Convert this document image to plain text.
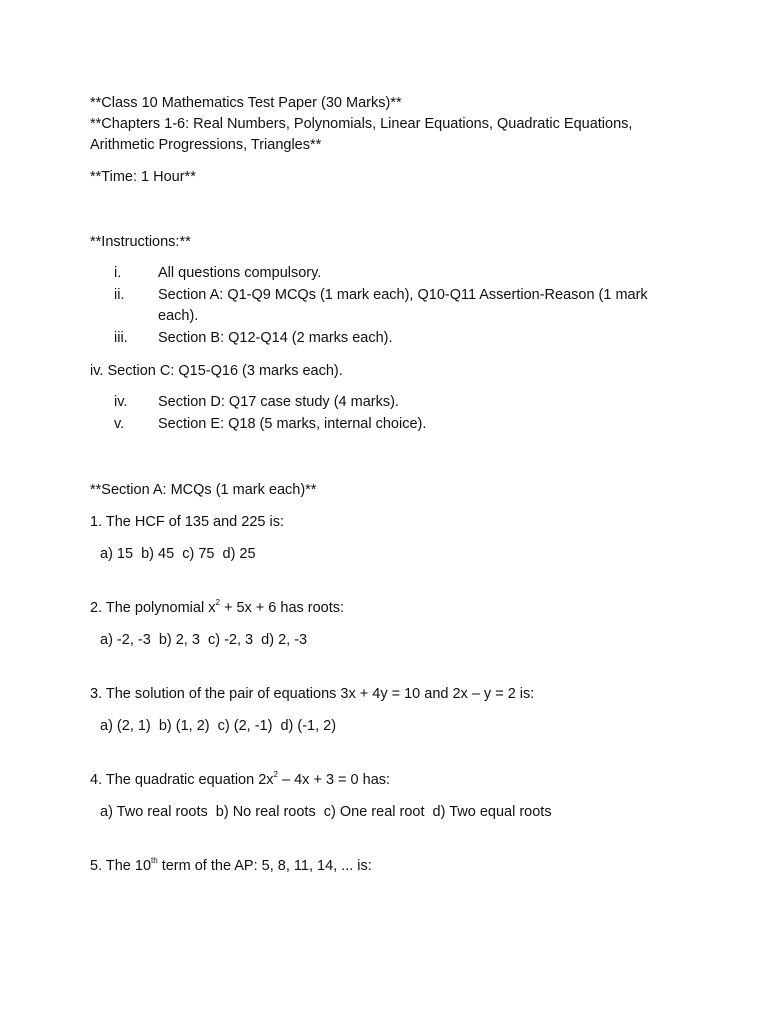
**Class 10 Mathematics Test Paper (30 Marks)**

**Chapters 1-6: Real Numbers, Polynomials, Linear Equations, Quadratic Equations, Arithmetic Progressions, Triangles**

**Time: 1 Hour**

**Instructions:**

i.	All questions compulsory.
ii.	Section A: Q1-Q9 MCQs (1 mark each), Q10-Q11 Assertion-Reason (1 mark each).
iii.	Section B: Q12-Q14 (2 marks each).

iv. Section C: Q15-Q16 (3 marks each).

iv.	Section D: Q17 case study (4 marks).
v.	Section E: Q18 (5 marks, internal choice).

**Section A: MCQs (1 mark each)**

1. The HCF of 135 and 225 is:

a) 15  b) 45  c) 75  d) 25

2. The polynomial $x^2 + 5x + 6$ has roots:

a) -2, -3  b) 2, 3  c) -2, 3  d) 2, -3

3. The solution of the pair of equations 3x + 4y = 10 and 2x – y = 2 is:

a) (2, 1)  b) (1, 2)  c) (2, -1)  d) (-1, 2)

4. The quadratic equation $2x^2 - 4x + 3 = 0$ has:

a) Two real roots  b) No real roots  c) One real root  d) Two equal roots

5. The 10th term of the AP: 5, 8, 11, 14, ... is:
